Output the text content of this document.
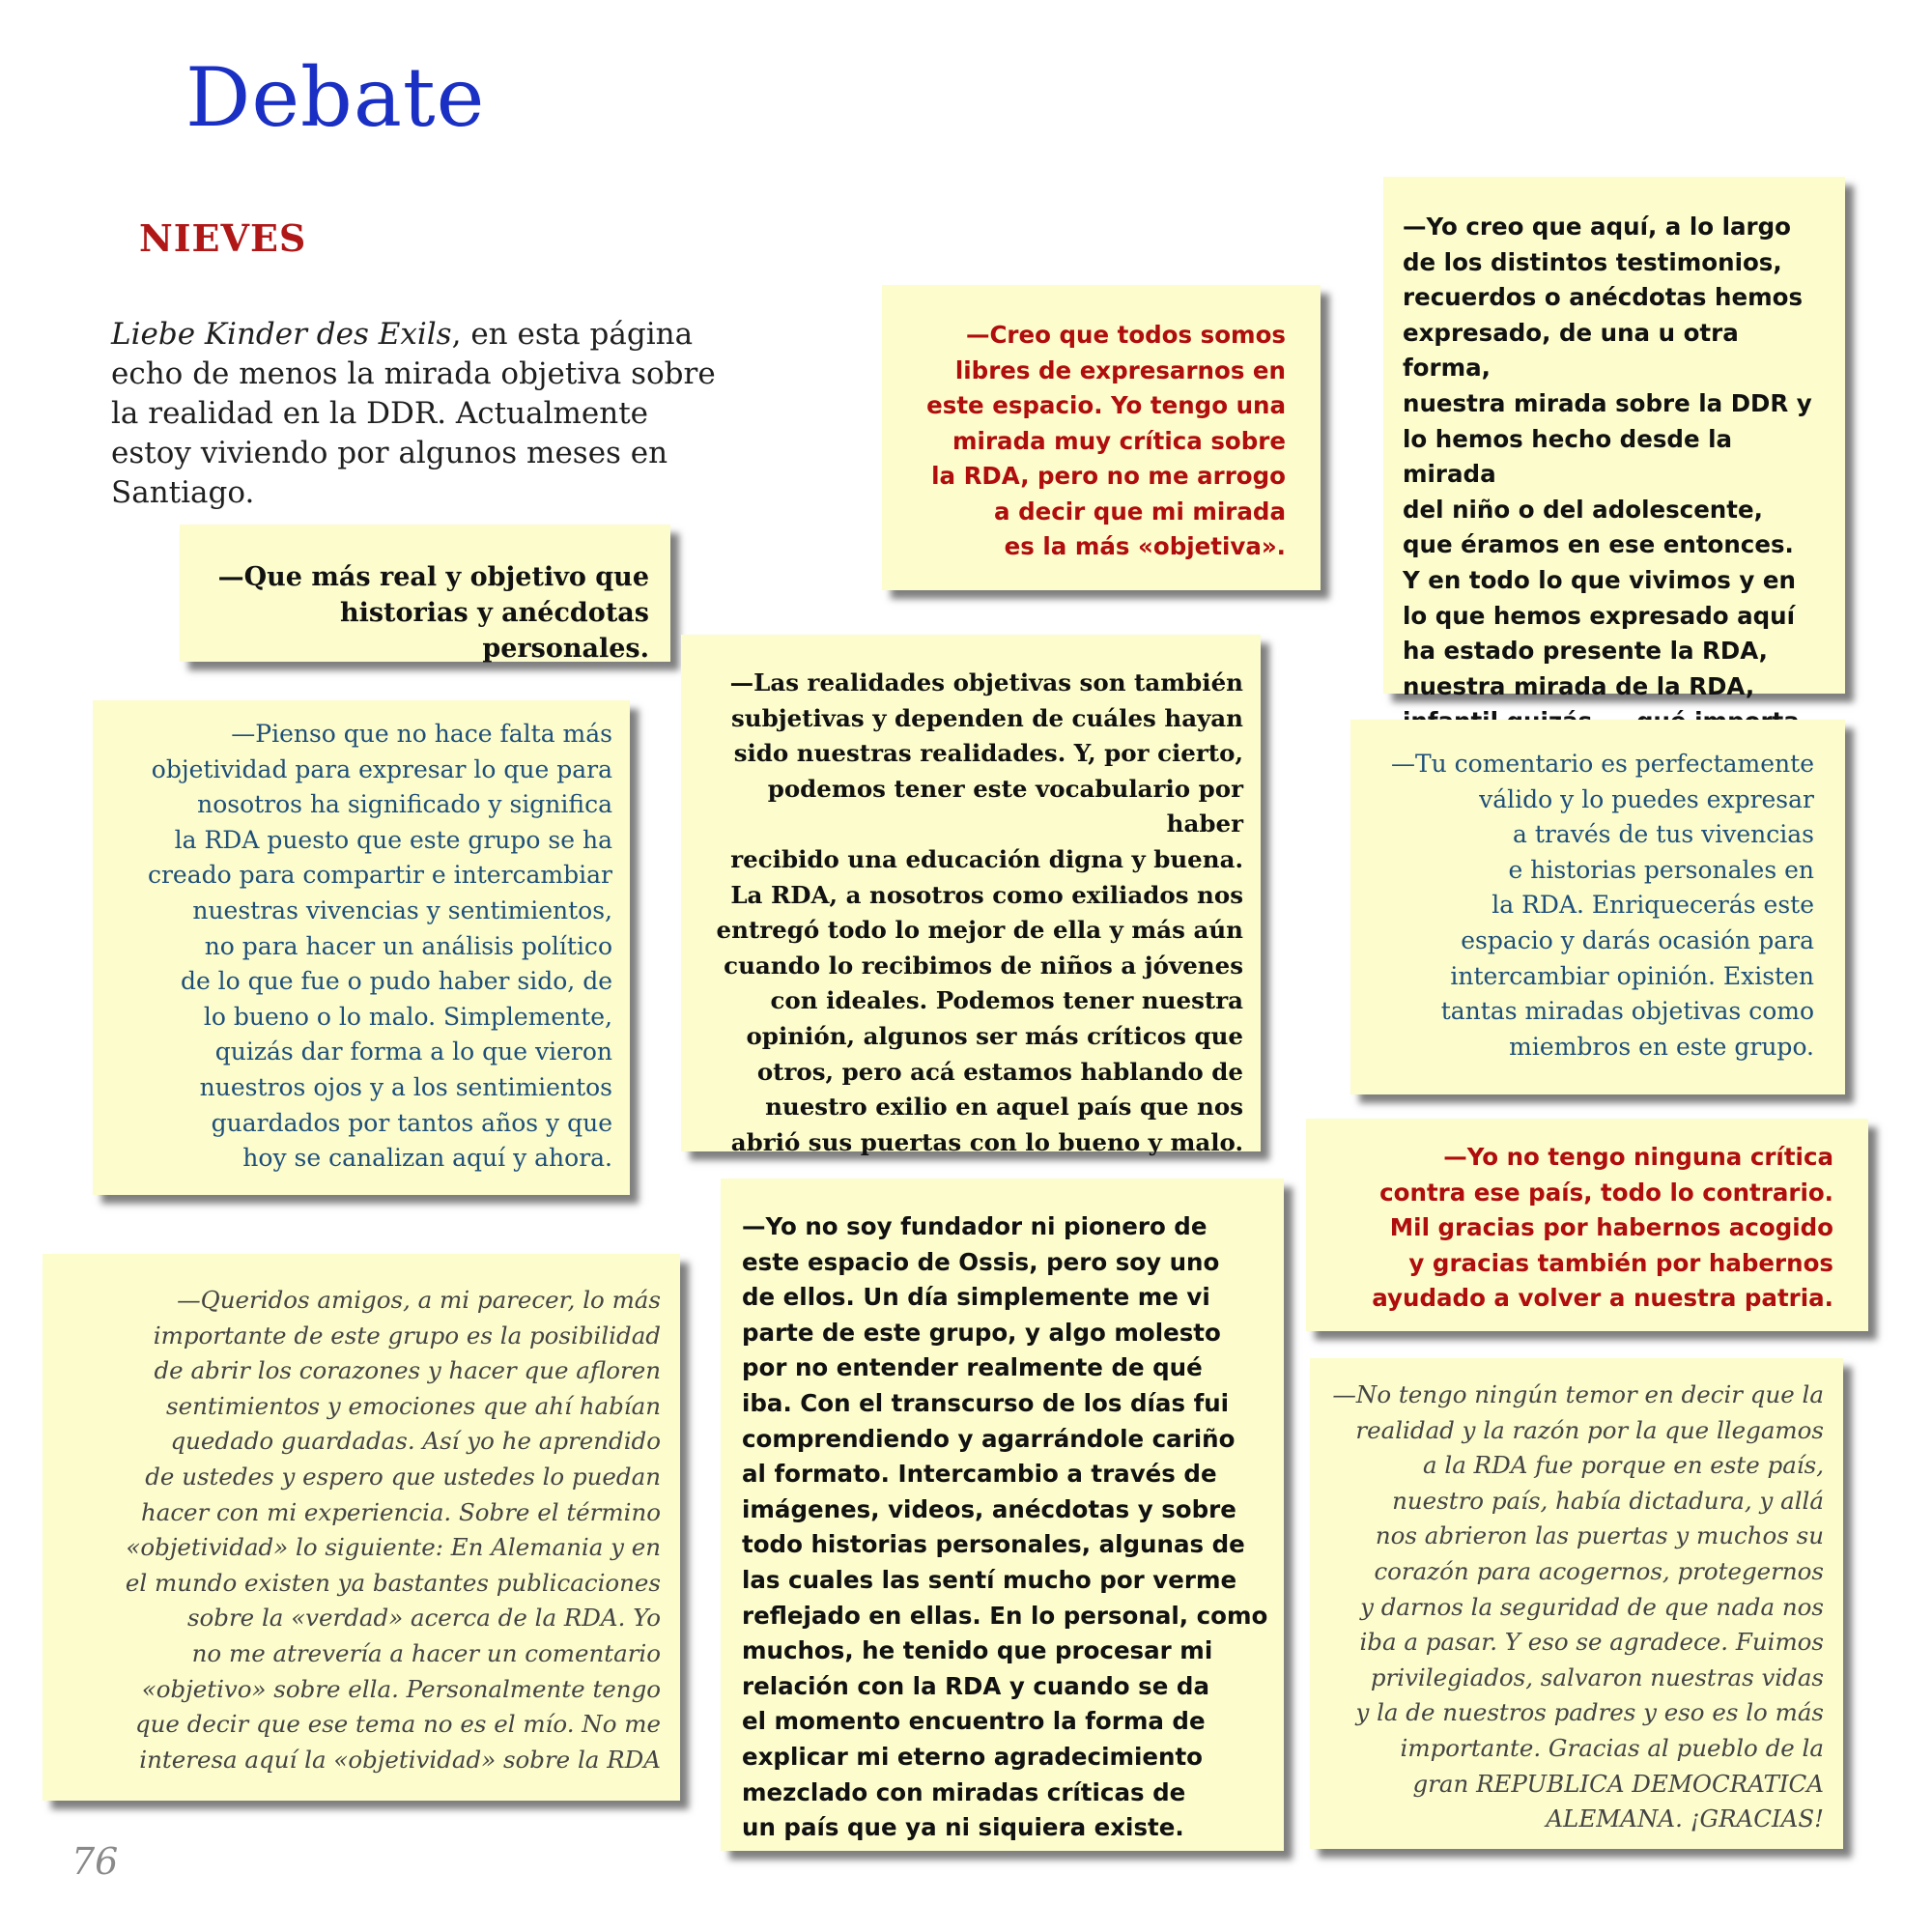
Debate
NIEVES

Liebe Kinder des Exils, en esta página echo de menos la mirada objetiva sobre la realidad en la DDR. Actualmente estoy viviendo por algunos meses en Santiago.

—Que más real y objetivo que
historias y anécdotas personales.

—Creo que todos somos
libres de expresarnos en
este espacio. Yo tengo una
mirada muy crítica sobre
la RDA, pero no me arrogo
a decir que mi mirada
es la más «objetiva».

—Yo creo que aquí, a lo largo
de los distintos testimonios,
recuerdos o anécdotas hemos
expresado, de una u otra forma,
nuestra mirada sobre la DDR y
lo hemos hecho desde la mirada
del niño o del adolescente,
que éramos en ese entonces.
Y en todo lo que vivimos y en
lo que hemos expresado aquí
ha estado presente la RDA,
nuestra mirada de la RDA,

—Pienso que no hace falta más
objetividad para expresar lo que para
nosotros ha significado y significa
la RDA puesto que este grupo se ha
creado para compartir e intercambiar
nuestras vivencias y sentimientos,
no para hacer un análisis político
de lo que fue o pudo haber sido, de
lo bueno o lo malo. Simplemente,
quizás dar forma a lo que vieron
nuestros ojos y a los sentimientos
guardados por tantos años y que
hoy se canalizan aquí y ahora.

—Las realidades objetivas son también
subjetivas y dependen de cuáles hayan
sido nuestras realidades. Y, por cierto,
podemos tener este vocabulario por haber
recibido una educación digna y buena.
La RDA, a nosotros como exiliados nos
entregó todo lo mejor de ella y más aún
cuando lo recibimos de niños a jóvenes
con ideales. Podemos tener nuestra
opinión, algunos ser más críticos que
otros, pero acá estamos hablando de
nuestro exilio en aquel país que nos
abrió sus puertas con lo bueno y malo.

—Tu comentario es perfectamente
válido y lo puedes expresar
a través de tus vivencias
e historias personales en
la RDA. Enriquecerás este
espacio y darás ocasión para
intercambiar opinión. Existen
tantas miradas objetivas como
miembros en este grupo.

—Yo no tengo ninguna crítica
contra ese país, todo lo contrario.
Mil gracias por habernos acogido
y gracias también por habernos
ayudado a volver a nuestra patria.

—Queridos amigos, a mi parecer, lo más
importante de este grupo es la posibilidad
de abrir los corazones y hacer que afloren
sentimientos y emociones que ahí habían
quedado guardadas. Así yo he aprendido
de ustedes y espero que ustedes lo puedan
hacer con mi experiencia. Sobre el término
«objetividad» lo siguiente: En Alemania y en
el mundo existen ya bastantes publicaciones
sobre la «verdad» acerca de la RDA. Yo
no me atrevería a hacer un comentario
«objetivo» sobre ella. Personalmente tengo
que decir que ese tema no es el mío. No me
interesa aquí la «objetividad» sobre la RDA

—Yo no soy fundador ni pionero de
este espacio de Ossis, pero soy uno
de ellos. Un día simplemente me vi
parte de este grupo, y algo molesto
por no entender realmente de qué
iba. Con el transcurso de los días fui
comprendiendo y agarrándole cariño
al formato. Intercambio a través de
imágenes, videos, anécdotas y sobre
todo historias personales, algunas de
las cuales las sentí mucho por verme
reflejado en ellas. En lo personal, como
muchos, he tenido que procesar mi
relación con la RDA y cuando se da
el momento encuentro la forma de
explicar mi eterno agradecimiento
mezclado con miradas críticas de
un país que ya ni siquiera existe.

—No tengo ningún temor en decir que la
realidad y la razón por la que llegamos
a la RDA fue porque en este país,
nuestro país, había dictadura, y allá
nos abrieron las puertas y muchos su
corazón para acogernos, protegernos
y darnos la seguridad de que nada nos
iba a pasar. Y eso se agradece. Fuimos
privilegiados, salvaron nuestras vidas
y la de nuestros padres y eso es lo más
importante. Gracias al pueblo de la
gran REPUBLICA DEMOCRATICA
ALEMANA. ¡GRACIAS!

76
